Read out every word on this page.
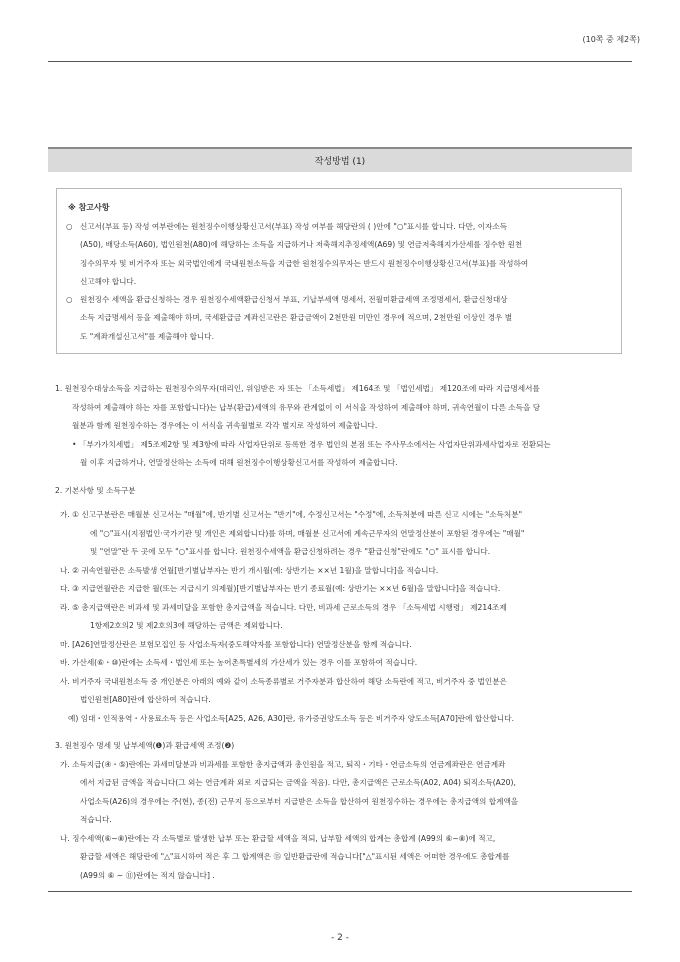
(10쪽 중 제2쪽)
작성방법 (1)
※ 참고사항
○ 신고서(부표 등) 작성 여부란에는 원천징수이행상황신고서(부표) 작성 여부를 해당란의 ( )안에 "○"표시를 합니다. 다만, 이자소득
(A50), 배당소득(A60), 법인원천(A80)에 해당하는 소득을 지급하거나 저축해지추징세액(A69) 및 연금저축해지가산세를 징수한 원천
징수의무자 및 비거주자 또는 외국법인에게 국내원천소득을 지급한 원천징수의무자는 반드시 원천징수이행상황신고서(부표)를 작성하여
신고해야 합니다.
○ 원천징수 세액을 환급신청하는 경우 원천징수세액환급신청서 부표, 기납부세액 명세서, 전월미환급세액 조정명세서, 환급신청대상
소득 지급명세서 등을 제출해야 하며, 국세환급금 계좌신고란은 환급금액이 2천만원 미만인 경우에 적으며, 2천만원 이상인 경우 별
도 "계좌개설신고서"를 제출해야 합니다.
1. 원천징수대상소득을 지급하는 원천징수의무자(대리인, 위임받은 자 또는 「소득세법」 제164조 및 「법인세법」 제120조에 따라 지급명세서를
작성하여 제출해야 하는 자를 포함합니다)는 납부(환급)세액의 유무와 관계없이 이 서식을 작성하여 제출해야 하며, 귀속연월이 다른 소득을 당
월분과 함께 원천징수하는 경우에는 이 서식을 귀속월별로 각각 별지로 작성하여 제출합니다.
• 「부가가치세법」 제5조제2항 및 제3항에 따라 사업자단위로 등록한 경우 법인의 본점 또는 주사무소에서는 사업자단위과세사업자로 전환되는
월 이후 지급하거나, 연말정산하는 소득에 대해 원천징수이행상황신고서를 작성하여 제출합니다.
2. 기본사항 및 소득구분
가. ① 신고구분란은 매월분 신고서는 "매월"에, 반기별 신고서는 "반기"에, 수정신고서는 "수정"에, 소득처분에 따른 신고 시에는 "소득처분"
에 "○"표시(지점법인·국가기관 및 개인은 제외합니다)를 하며, 매월분 신고서에 계속근무자의 연말정산분이 포함된 경우에는 "매월"
및 "연말"란 두 곳에 모두 "○"표시를 합니다. 원천징수세액을 환급신청하려는 경우 "환급신청"란에도 "○" 표시를 합니다.
나. ② 귀속연월란은 소득발생 연월[반기별납부자는 반기 개시월(예: 상반기는 ××년 1월)을 말합니다]을 적습니다.
다. ③ 지급연월란은 지급한 월(또는 지급시기 의제월)[반기별납부자는 반기 종료월(예: 상반기는 ××년 6월)을 말합니다]을 적습니다.
라. ⑤ 총지급액란은 비과세 및 과세미달을 포함한 총지급액을 적습니다. 다만, 비과세 근로소득의 경우 「소득세법 시행령」 제214조제
1항제2호의2 및 제2호의3에 해당하는 금액은 제외합니다.
마. [A26]연말정산란은 보험모집인 등 사업소득자(중도해약자를 포함합니다) 연말정산분을 함께 적습니다.
바. 가산세(⑥・⑩)란에는 소득세・법인세 또는 농어촌특별세의 가산세가 있는 경우 이를 포함하여 적습니다.
사. 비거주자 국내원천소득 중 개인분은 아래의 예와 같이 소득종류별로 거주자분과 합산하여 해당 소득란에 적고, 비거주자 중 법인분은
법인원천[A80]란에 합산하여 적습니다.
예) 임대・인적용역・사용료소득 등은 사업소득[A25, A26, A30]란, 유가증권양도소득 등은 비거주자 양도소득[A70]란에 합산합니다.
3. 원천징수 명세 및 납부세액(❶)과 환급세액 조정(❷)
가. 소득지급(④・⑤)란에는 과세미달분과 비과세를 포함한 총지급액과 총인원을 적고, 퇴직・기타・연금소득의 연금계좌란은 연금계좌
에서 지급된 금액을 적습니다(그 외는 연금계좌 외로 지급되는 금액을 적음). 다만, 총지급액은 근로소득(A02, A04) 퇴직소득(A20),
사업소득(A26)의 경우에는 주(현), 종(전) 근무지 등으로부터 지급받은 소득을 합산하여 원천징수하는 경우에는 총지급액의 합계액을
적습니다.
나. 징수세액(⑥~⑧)란에는 각 소득별로 발생한 납부 또는 환급할 세액을 적되, 납부할 세액의 합계는 총합계 (A99의 ⑥~⑧)에 적고,
환급할 세액은 해당란에 "△"표시하여 적은 후 그 합계액은 ⑮ 일반환급란에 적습니다["△"표시된 세액은 어떠한 경우에도 총합계를
(A99의 ⑥ ~ ⑪)란에는 적지 않습니다] .
- 2 -
